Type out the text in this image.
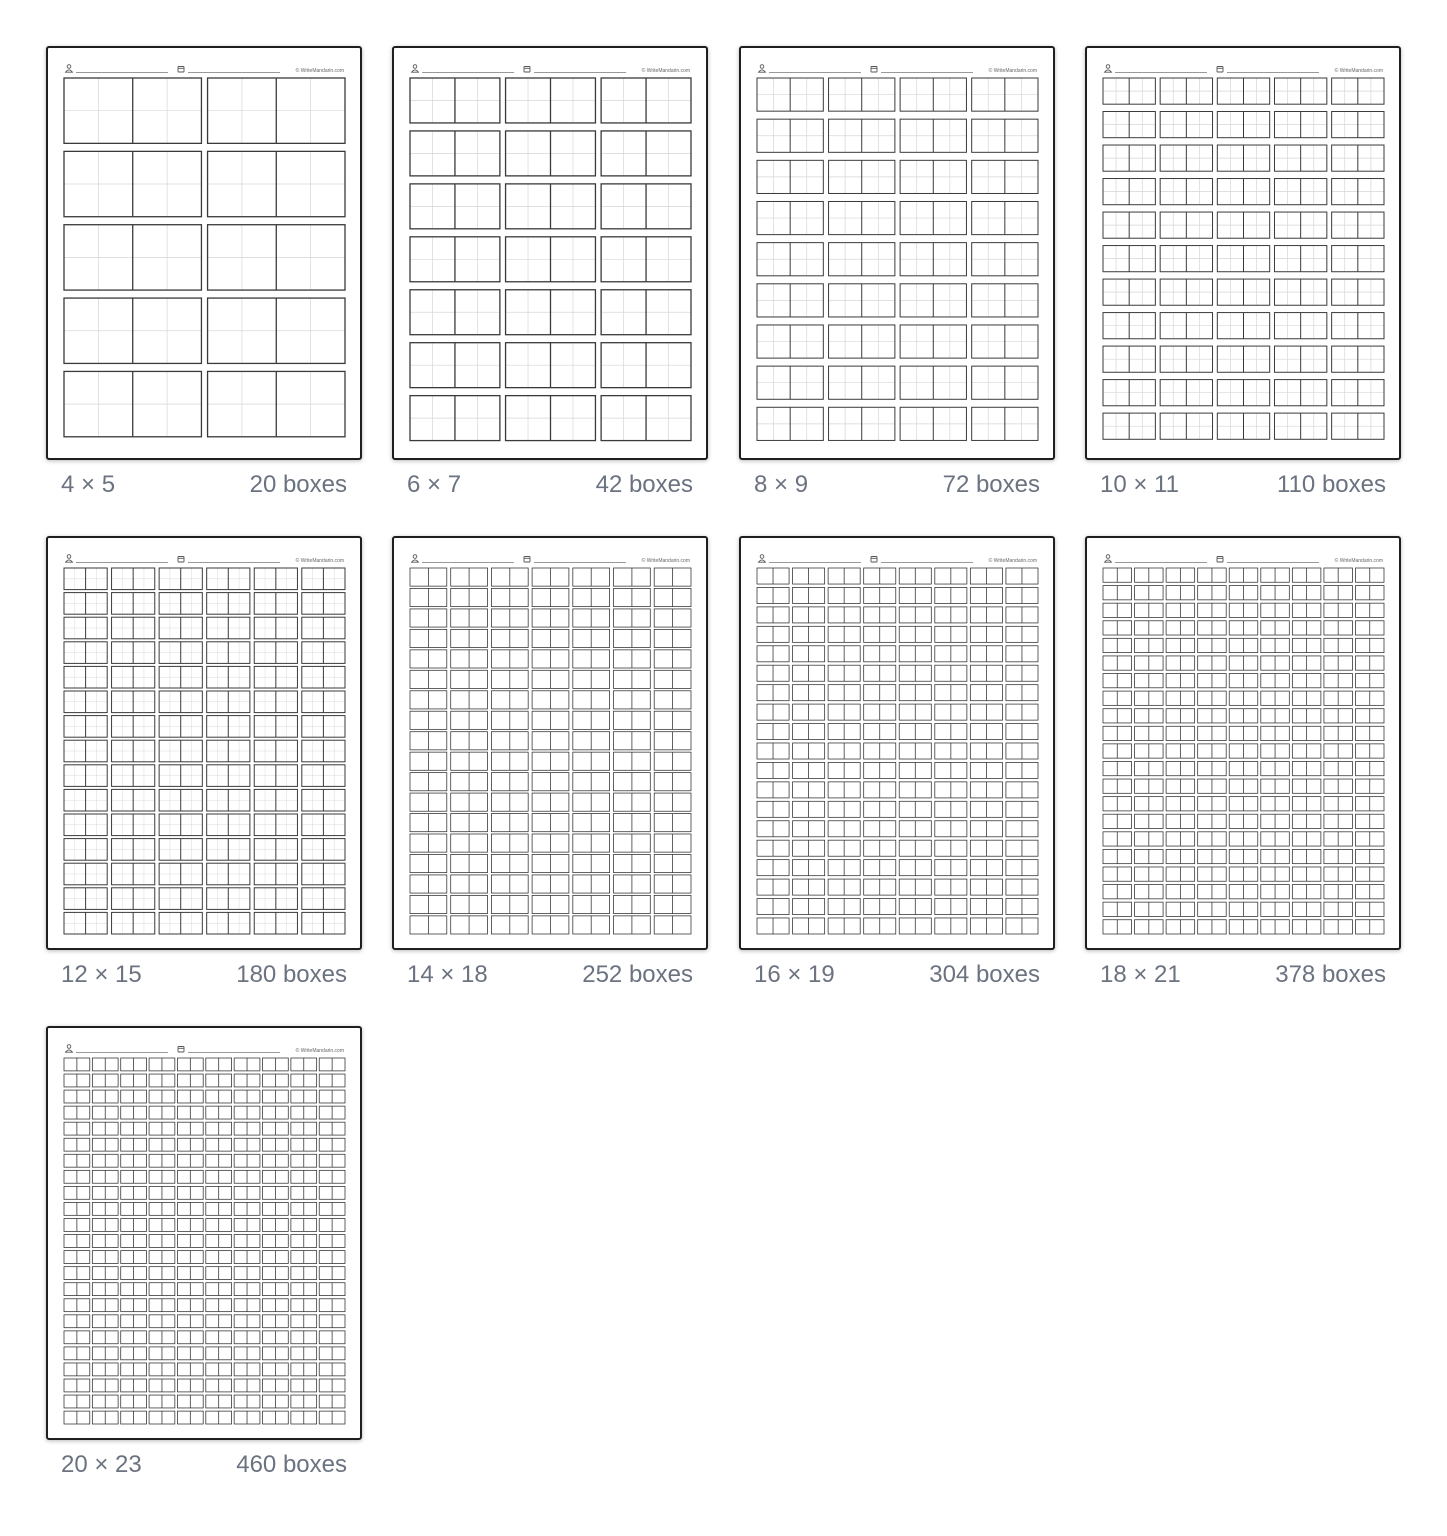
© WriteMandarin.com
4 × 5	20 boxes
© WriteMandarin.com
6 × 7	42 boxes
© WriteMandarin.com
8 × 9	72 boxes
© WriteMandarin.com
10 × 11	110 boxes
© WriteMandarin.com
12 × 15	180 boxes
© WriteMandarin.com
14 × 18	252 boxes
© WriteMandarin.com
16 × 19	304 boxes
© WriteMandarin.com
18 × 21	378 boxes
© WriteMandarin.com
20 × 23	460 boxes
